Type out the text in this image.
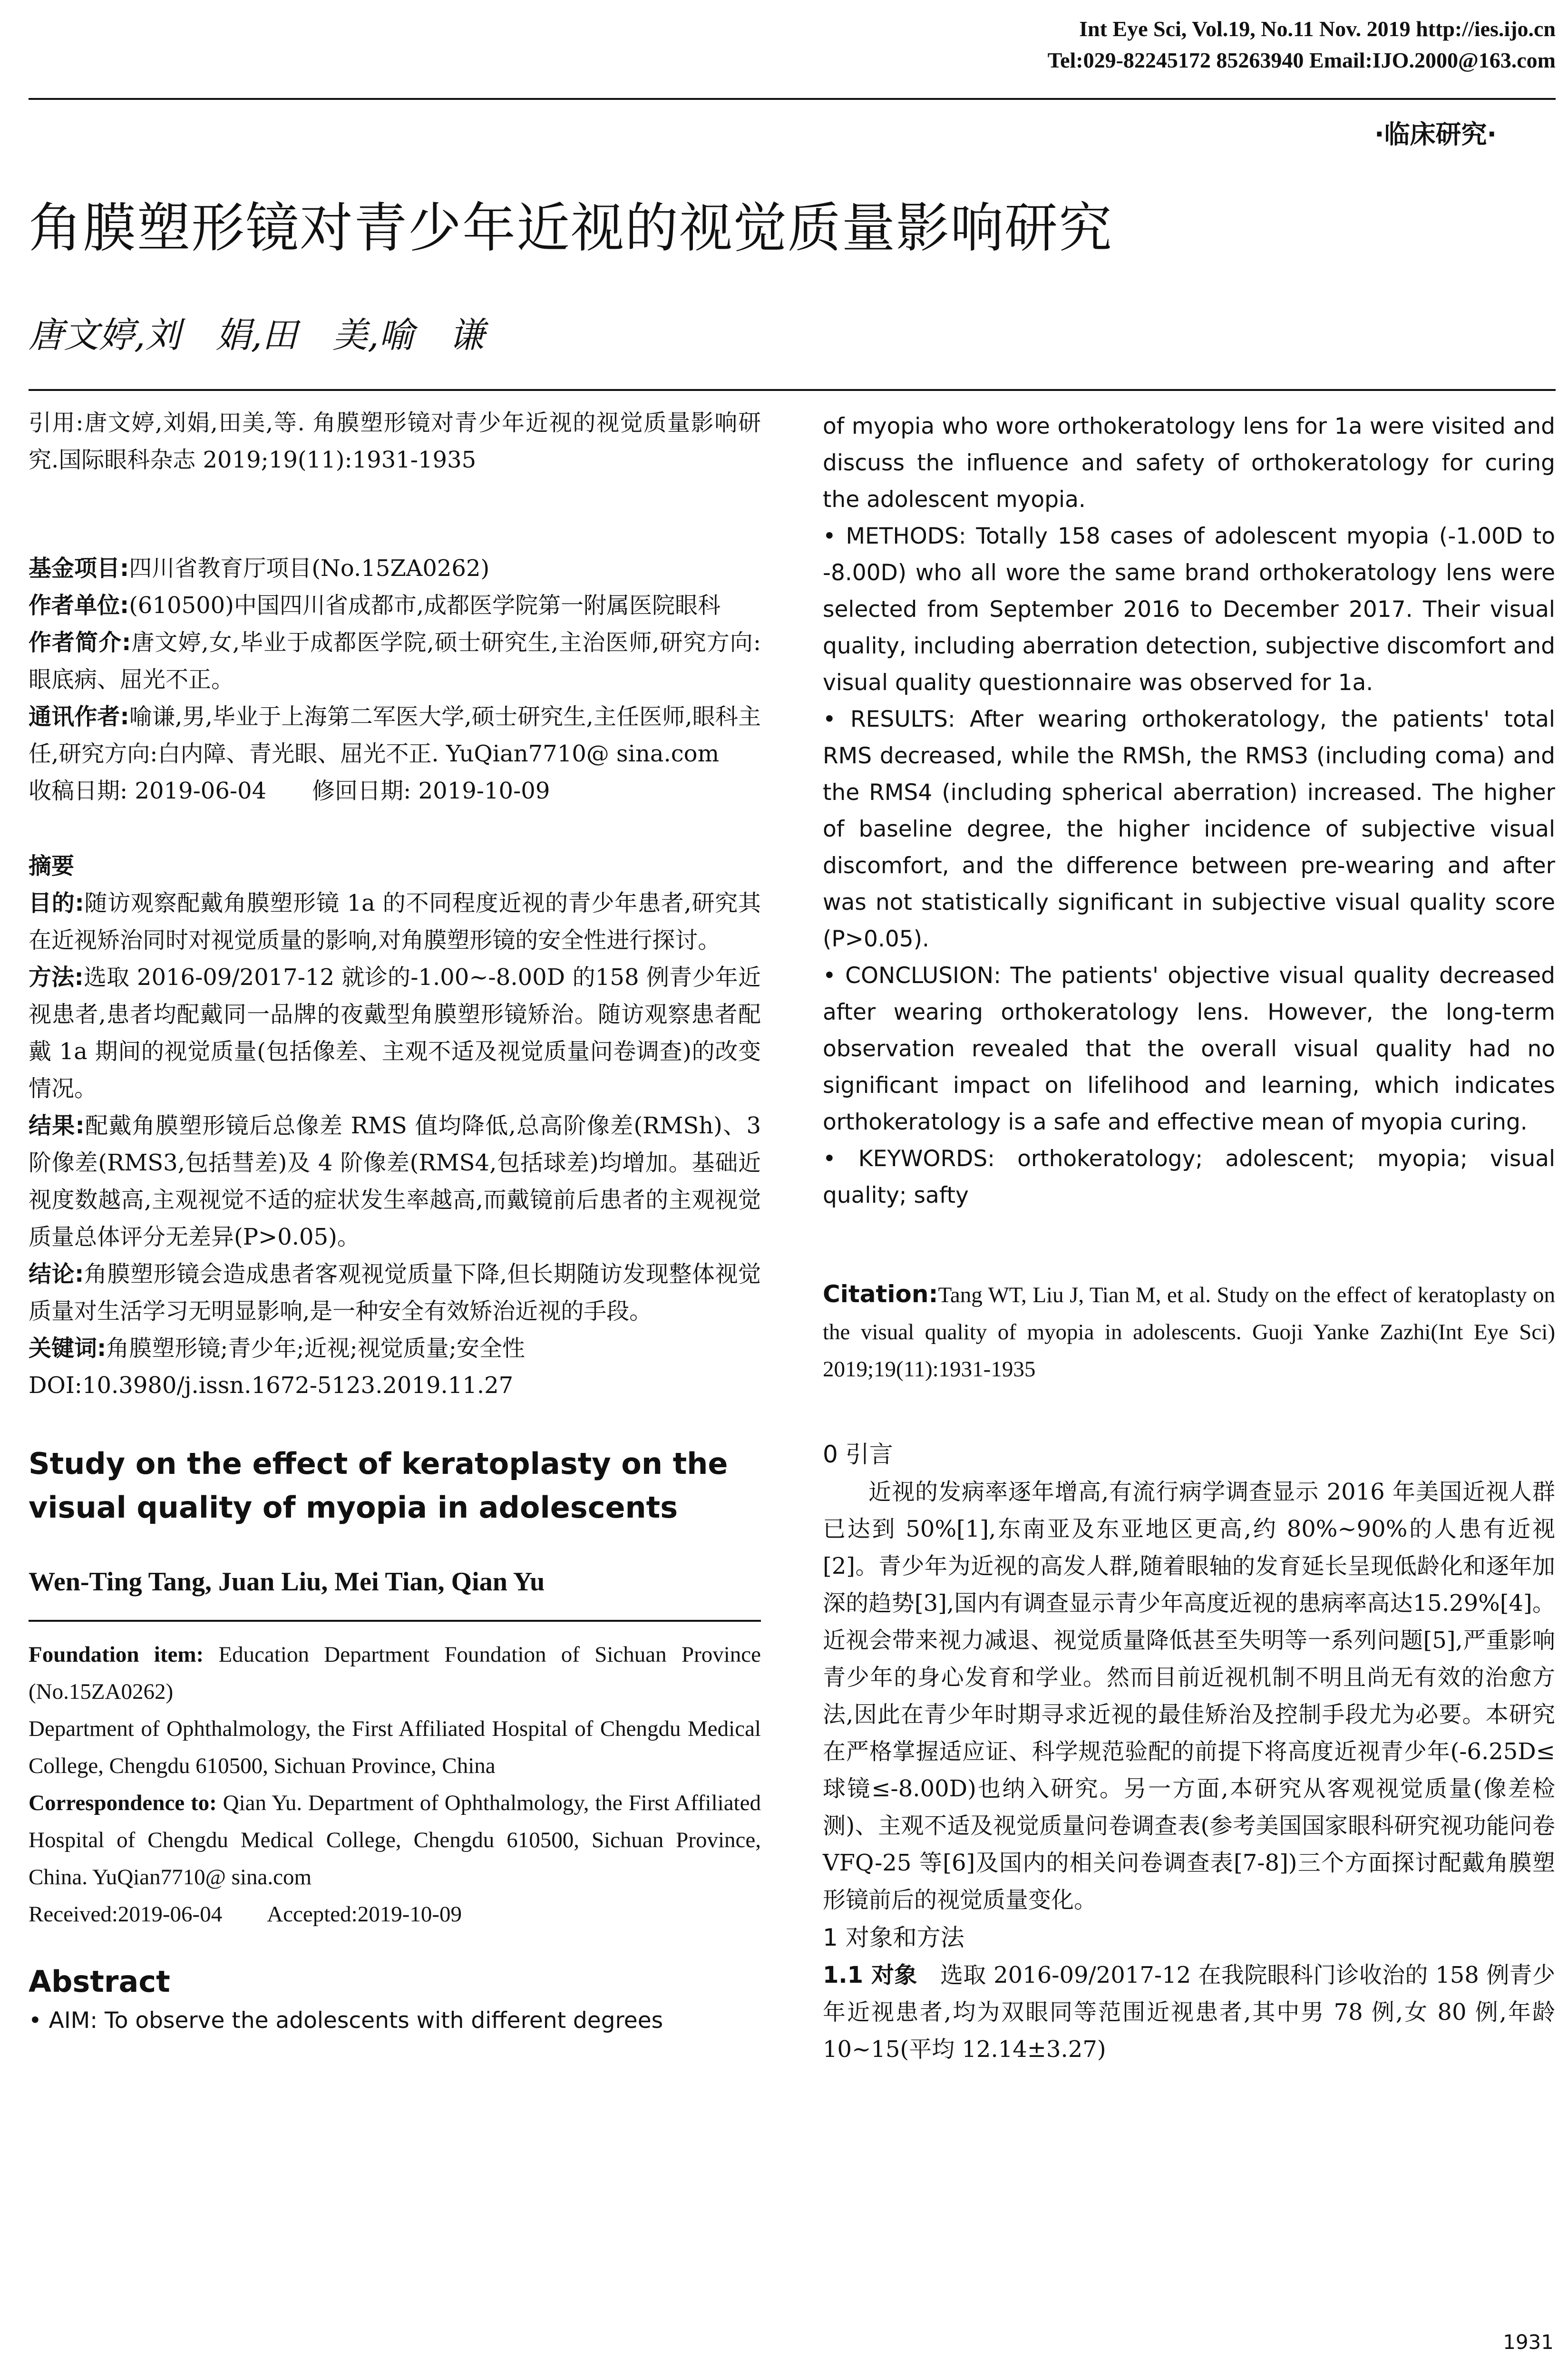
Int Eye Sci, Vol.19, No.11 Nov. 2019 http://ies.ijo.cn
Tel:029-82245172 85263940 Email:IJO.2000@163.com
·临床研究·
角膜塑形镜对青少年近视的视觉质量影响研究
唐文婷,刘　娟,田　美,喻　谦

引用:唐文婷,刘娟,田美,等. 角膜塑形镜对青少年近视的视觉质量影响研究.国际眼科杂志 2019;19(11):1931-1935

基金项目:四川省教育厅项目(No.15ZA0262)

作者单位:(610500)中国四川省成都市,成都医学院第一附属医院眼科

作者简介:唐文婷,女,毕业于成都医学院,硕士研究生,主治医师,研究方向:眼底病、屈光不正。

通讯作者:喻谦,男,毕业于上海第二军医大学,硕士研究生,主任医师,眼科主任,研究方向:白内障、青光眼、屈光不正. YuQian7710@ sina.com

收稿日期: 2019-06-04　　修回日期: 2019-10-09

摘要

目的:随访观察配戴角膜塑形镜 1a 的不同程度近视的青少年患者,研究其在近视矫治同时对视觉质量的影响,对角膜塑形镜的安全性进行探讨。

方法:选取 2016-09/2017-12 就诊的-1.00~-8.00D 的158 例青少年近视患者,患者均配戴同一品牌的夜戴型角膜塑形镜矫治。随访观察患者配戴 1a 期间的视觉质量(包括像差、主观不适及视觉质量问卷调查)的改变情况。

结果:配戴角膜塑形镜后总像差 RMS 值均降低,总高阶像差(RMSh)、3 阶像差(RMS3,包括彗差)及 4 阶像差(RMS4,包括球差)均增加。基础近视度数越高,主观视觉不适的症状发生率越高,而戴镜前后患者的主观视觉质量总体评分无差异(P>0.05)。

结论:角膜塑形镜会造成患者客观视觉质量下降,但长期随访发现整体视觉质量对生活学习无明显影响,是一种安全有效矫治近视的手段。

关键词:角膜塑形镜;青少年;近视;视觉质量;安全性

DOI:10.3980/j.issn.1672-5123.2019.11.27

Study on the effect of keratoplasty on the visual quality of myopia in adolescents

Wen-Ting Tang, Juan Liu, Mei Tian, Qian Yu

Foundation item: Education Department Foundation of Sichuan Province (No.15ZA0262)

Department of Ophthalmology, the First Affiliated Hospital of Chengdu Medical College, Chengdu 610500, Sichuan Province, China

Correspondence to: Qian Yu. Department of Ophthalmology, the First Affiliated Hospital of Chengdu Medical College, Chengdu 610500, Sichuan Province, China. YuQian7710@ sina.com

Received:2019-06-04　　Accepted:2019-10-09

Abstract

• AIM: To observe the adolescents with different degrees

of myopia who wore orthokeratology lens for 1a were visited and discuss the influence and safety of orthokeratology for curing the adolescent myopia.

• METHODS: Totally 158 cases of adolescent myopia (-1.00D to -8.00D) who all wore the same brand orthokeratology lens were selected from September 2016 to December 2017. Their visual quality, including aberration detection, subjective discomfort and visual quality questionnaire was observed for 1a.

• RESULTS: After wearing orthokeratology, the patients' total RMS decreased, while the RMSh, the RMS3 (including coma) and the RMS4 (including spherical aberration) increased. The higher of baseline degree, the higher incidence of subjective visual discomfort, and the difference between pre-wearing and after was not statistically significant in subjective visual quality score (P>0.05).

• CONCLUSION: The patients' objective visual quality decreased after wearing orthokeratology lens. However, the long-term observation revealed that the overall visual quality had no significant impact on lifelihood and learning, which indicates orthokeratology is a safe and effective mean of myopia curing.

• KEYWORDS: orthokeratology; adolescent; myopia; visual quality; safty

Citation:Tang WT, Liu J, Tian M, et al. Study on the effect of keratoplasty on the visual quality of myopia in adolescents. Guoji Yanke Zazhi(Int Eye Sci) 2019;19(11):1931-1935

0 引言

近视的发病率逐年增高,有流行病学调查显示 2016 年美国近视人群已达到 50%[1],东南亚及东亚地区更高,约 80%~90%的人患有近视[2]。青少年为近视的高发人群,随着眼轴的发育延长呈现低龄化和逐年加深的趋势[3],国内有调查显示青少年高度近视的患病率高达15.29%[4]。近视会带来视力减退、视觉质量降低甚至失明等一系列问题[5],严重影响青少年的身心发育和学业。然而目前近视机制不明且尚无有效的治愈方法,因此在青少年时期寻求近视的最佳矫治及控制手段尤为必要。本研究在严格掌握适应证、科学规范验配的前提下将高度近视青少年(-6.25D≤球镜≤-8.00D)也纳入研究。另一方面,本研究从客观视觉质量(像差检测)、主观不适及视觉质量问卷调查表(参考美国国家眼科研究视功能问卷VFQ-25 等[6]及国内的相关问卷调查表[7-8])三个方面探讨配戴角膜塑形镜前后的视觉质量变化。

1 对象和方法

1.1 对象　 选取 2016-09/2017-12 在我院眼科门诊收治的 158 例青少年近视患者,均为双眼同等范围近视患者,其中男 78 例,女 80 例,年龄 10~15(平均 12.14±3.27)

1931
